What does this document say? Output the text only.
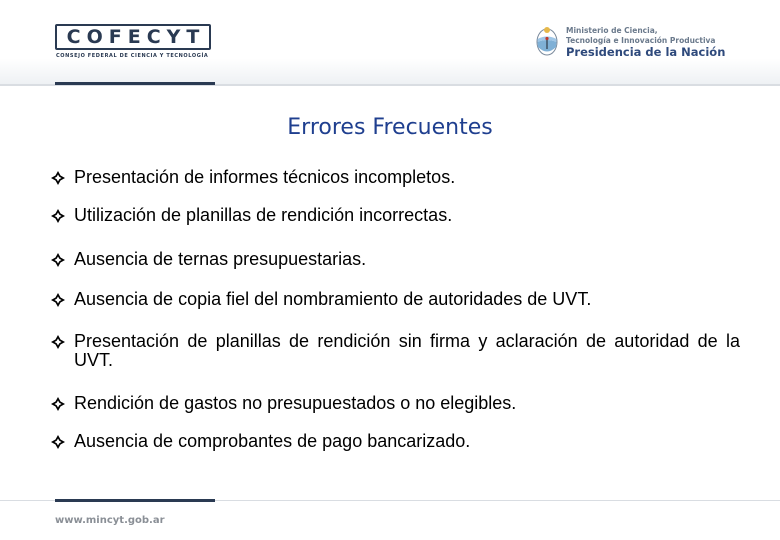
COFECYT
CONSEJO FEDERAL DE CIENCIA Y TECNOLOGÍA
Ministerio de Ciencia,
Tecnología e Innovación Productiva
Presidencia de la Nación
Errores Frecuentes
Presentación de informes técnicos incompletos.
Utilización de planillas de rendición incorrectas.
Ausencia de ternas presupuestarias.
Ausencia de copia fiel del nombramiento de autoridades de UVT.
Presentación de planillas de rendición sin firma y aclaración de autoridad de la UVT.
Rendición de gastos no presupuestados o no elegibles.
Ausencia de comprobantes de pago bancarizado.
www.mincyt.gob.ar
